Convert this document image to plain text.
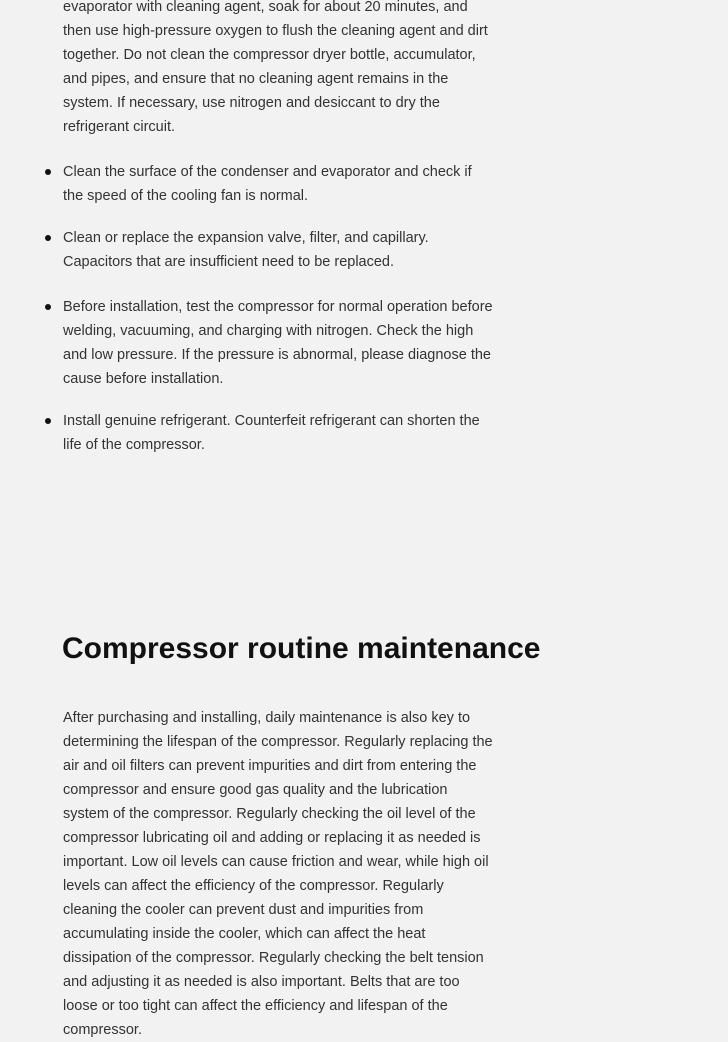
evaporator with cleaning agent, soak for about 20 minutes, and then use high-pressure oxygen to flush the cleaning agent and dirt together. Do not clean the compressor dryer bottle, accumulator, and pipes, and ensure that no cleaning agent remains in the system. If necessary, use nitrogen and desiccant to dry the refrigerant circuit.

Clean the surface of the condenser and evaporator and check if the speed of the cooling fan is normal.
Clean or replace the expansion valve, filter, and capillary. Capacitors that are insufficient need to be replaced.
Before installation, test the compressor for normal operation before welding, vacuuming, and charging with nitrogen. Check the high and low pressure. If the pressure is abnormal, please diagnose the cause before installation.
Install genuine refrigerant. Counterfeit refrigerant can shorten the life of the compressor.
Compressor routine maintenance

After purchasing and installing, daily maintenance is also key to determining the lifespan of the compressor. Regularly replacing the air and oil filters can prevent impurities and dirt from entering the compressor and ensure good gas quality and the lubrication system of the compressor. Regularly checking the oil level of the compressor lubricating oil and adding or replacing it as needed is important. Low oil levels can cause friction and wear, while high oil levels can affect the efficiency of the compressor. Regularly cleaning the cooler can prevent dust and impurities from accumulating inside the cooler, which can affect the heat dissipation of the compressor. Regularly checking the belt tension and adjusting it as needed is also important. Belts that are too loose or too tight can affect the efficiency and lifespan of the compressor.
